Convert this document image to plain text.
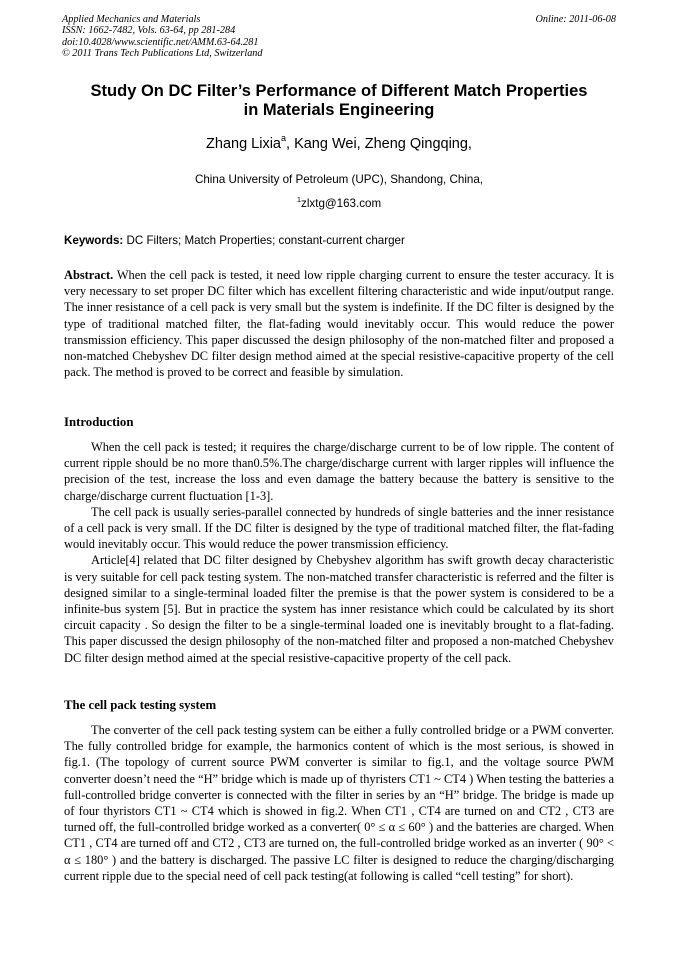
Applied Mechanics and Materials
ISSN: 1662-7482, Vols. 63-64, pp 281-284
doi:10.4028/www.scientific.net/AMM.63-64.281
© 2011 Trans Tech Publications Ltd, Switzerland
Online: 2011-06-08
Study On DC Filter’s Performance of Different Match Properties
in Materials Engineering
Zhang Lixia$^a$, Kang Wei, Zheng Qingqing,
China University of Petroleum (UPC), Shandong, China,
$^1$zlxtg@163.com
Keywords: DC Filters; Match Properties; constant-current charger
Abstract. When the cell pack is tested, it need low ripple charging current to ensure the tester accuracy. It is very necessary to set proper DC filter which has excellent filtering characteristic and wide input/output range. The inner resistance of a cell pack is very small but the system is indefinite. If the DC filter is designed by the type of traditional matched filter, the flat-fading would inevitably occur. This would reduce the power transmission efficiency. This paper discussed the design philosophy of the non-matched filter and proposed a non-matched Chebyshev DC filter design method aimed at the special resistive-capacitive property of the cell pack. The method is proved to be correct and feasible by simulation.
Introduction

When the cell pack is tested; it requires the charge/discharge current to be of low ripple. The content of current ripple should be no more than0.5%.The charge/discharge current with larger ripples will influence the precision of the test, increase the loss and even damage the battery because the battery is sensitive to the charge/discharge current fluctuation [1-3].

The cell pack is usually series-parallel connected by hundreds of single batteries and the inner resistance of a cell pack is very small. If the DC filter is designed by the type of traditional matched filter, the flat-fading would inevitably occur. This would reduce the power transmission efficiency.

Article[4] related that DC filter designed by Chebyshev algorithm has swift growth decay characteristic is very suitable for cell pack testing system. The non-matched transfer characteristic is referred and the filter is designed similar to a single-terminal loaded filter the premise is that the power system is considered to be a infinite-bus system [5]. But in practice the system has inner resistance which could be calculated by its short circuit capacity . So design the filter to be a single-terminal loaded one is inevitably brought to a flat-fading. This paper discussed the design philosophy of the non-matched filter and proposed a non-matched Chebyshev DC filter design method aimed at the special resistive-capacitive property of the cell pack.

The cell pack testing system

The converter of the cell pack testing system can be either a fully controlled bridge or a PWM converter. The fully controlled bridge for example, the harmonics content of which is the most serious, is showed in fig.1. (The topology of current source PWM converter is similar to fig.1, and the voltage source PWM converter doesn’t need the “H” bridge which is made up of thyristers CT1 ~ CT4 ) When testing the batteries a full-controlled bridge converter is connected with the filter in series by an “H” bridge. The bridge is made up of four thyristors CT1 ~ CT4 which is showed in fig.2. When CT1 , CT4 are turned on and CT2 , CT3 are turned off, the full-controlled bridge worked as a converter( 0° ≤ α ≤ 60° ) and the batteries are charged. When CT1 , CT4 are turned off and CT2 , CT3 are turned on, the full-controlled bridge worked as an inverter ( 90° < α ≤ 180° ) and the battery is discharged. The passive LC filter is designed to reduce the charging/discharging current ripple due to the special need of cell pack testing(at following is called “cell testing” for short).
